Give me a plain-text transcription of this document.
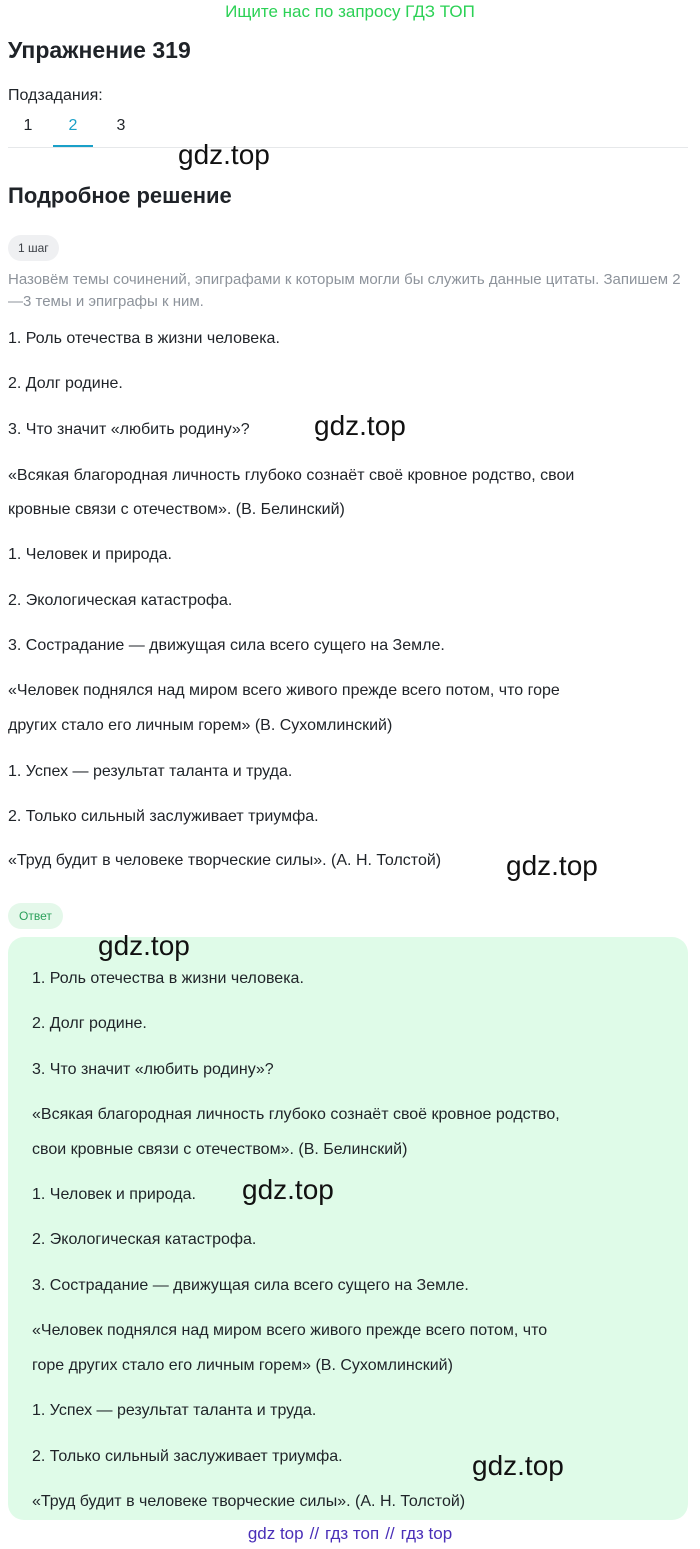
Ищите нас по запросу ГДЗ ТОП
Упражнение 319
Подзадания:
1	2	3
gdz.top
Подробное решение
1 шаг
Назовём темы сочинений, эпиграфами к которым могли бы служить данные цитаты. Запишем 2—3 темы и эпиграфы к ним.
1. Роль отечества в жизни человека.
2. Долг родине.
3. Что значит «любить родину»?	gdz.top
«Всякая благородная личность глубоко сознаёт своё кровное родство, свои
кровные связи с отечеством». (В. Белинский)
1. Человек и природа.
2. Экологическая катастрофа.
3. Сострадание — движущая сила всего сущего на Земле.
«Человек поднялся над миром всего живого прежде всего потом, что горе
других стало его личным горем» (В. Сухомлинский)
1. Успех — результат таланта и труда.
2. Только сильный заслуживает триумфа.
«Труд будит в человеке творческие силы». (А. Н. Толстой)	gdz.top
Ответ
gdz.top
1. Роль отечества в жизни человека.
2. Долг родине.
3. Что значит «любить родину»?
«Всякая благородная личность глубоко сознаёт своё кровное родство,
свои кровные связи с отечеством». (В. Белинский)
1. Человек и природа.	gdz.top
2. Экологическая катастрофа.
3. Сострадание — движущая сила всего сущего на Земле.
«Человек поднялся над миром всего живого прежде всего потом, что
горе других стало его личным горем» (В. Сухомлинский)
1. Успех — результат таланта и труда.
2. Только сильный заслуживает триумфа.	gdz.top
«Труд будит в человеке творческие силы». (А. Н. Толстой)
gdz top // гдз топ // гдз top
